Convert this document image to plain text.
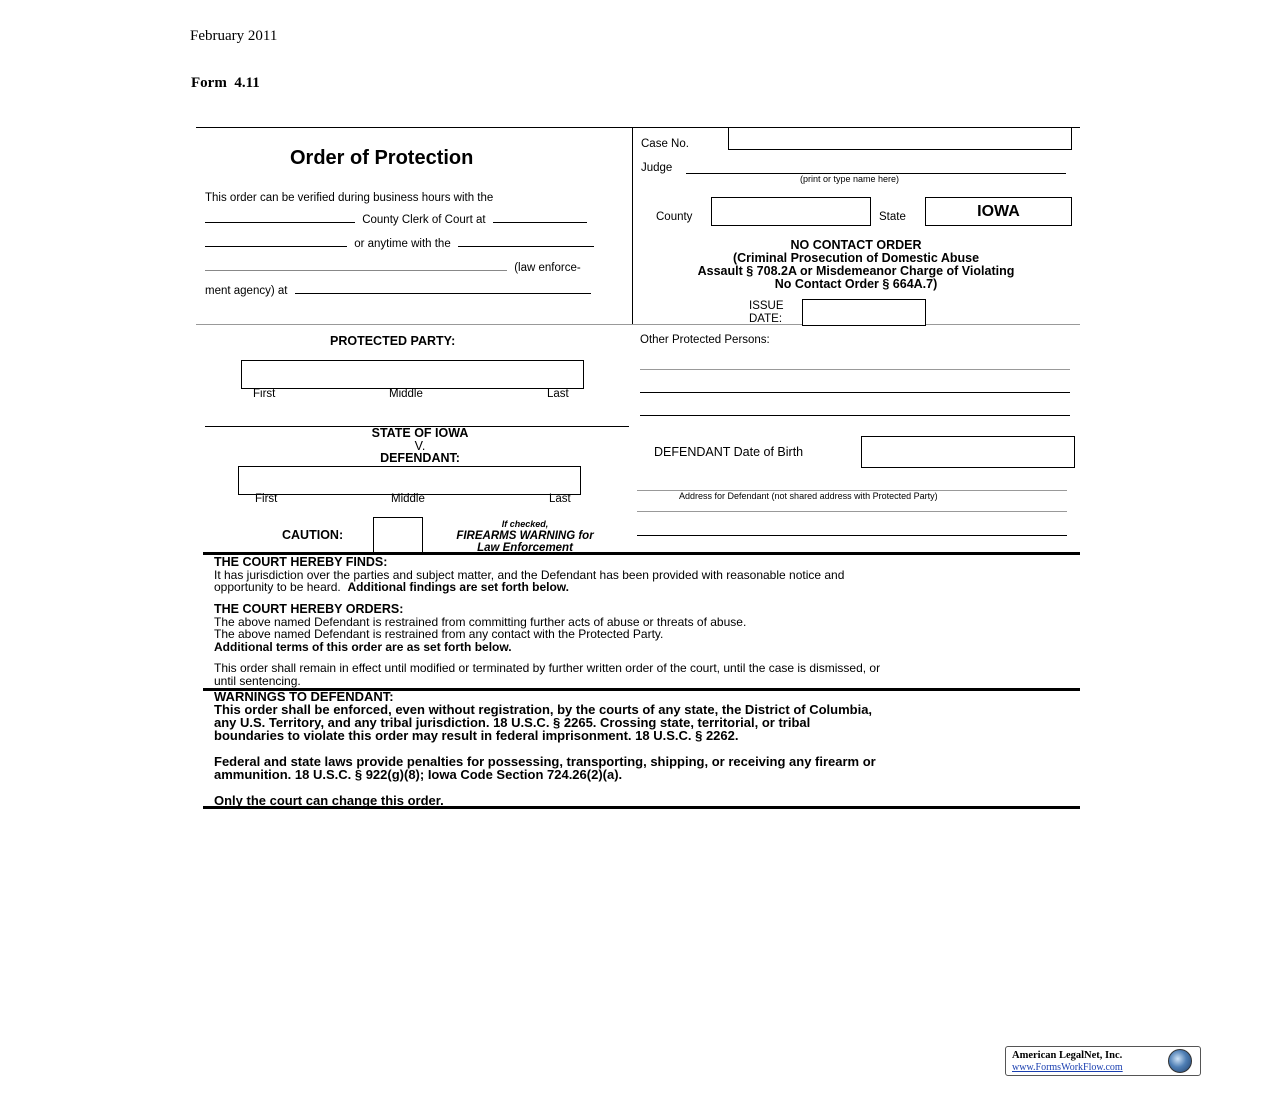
February 2011
Form  4.11
Order of Protection
This order can be verified during business hours with the
County Clerk of Court at
or anytime with the
(law enforce-
ment agency) at
Case No.
Judge
(print or type name here)
County	State	IOWA
NO CONTACT ORDER
(Criminal Prosecution of Domestic Abuse
Assault § 708.2A or Misdemeanor Charge of Violating
No Contact Order § 664A.7)
ISSUE
DATE:
PROTECTED PARTY:
First	Middle	Last
Other Protected Persons:
STATE OF IOWA
V.
DEFENDANT:
First	Middle	Last
DEFENDANT Date of Birth
Address for Defendant (not shared address with Protected Party)
CAUTION:
If checked,
FIREARMS WARNING for
Law Enforcement
THE COURT HEREBY FINDS:
It has jurisdiction over the parties and subject matter, and the Defendant has been provided with reasonable notice and
opportunity to be heard. Additional findings are set forth below.
THE COURT HEREBY ORDERS:
The above named Defendant is restrained from committing further acts of abuse or threats of abuse.
The above named Defendant is restrained from any contact with the Protected Party.
Additional terms of this order are as set forth below.
This order shall remain in effect until modified or terminated by further written order of the court, until the case is dismissed, or
until sentencing.
WARNINGS TO DEFENDANT:
This order shall be enforced, even without registration, by the courts of any state, the District of Columbia,
any U.S. Territory, and any tribal jurisdiction. 18 U.S.C. § 2265. Crossing state, territorial, or tribal
boundaries to violate this order may result in federal imprisonment. 18 U.S.C. § 2262.
Federal and state laws provide penalties for possessing, transporting, shipping, or receiving any firearm or
ammunition. 18 U.S.C. § 922(g)(8); Iowa Code Section 724.26(2)(a).
Only the court can change this order.
American LegalNet, Inc.
www.FormsWorkFlow.com
